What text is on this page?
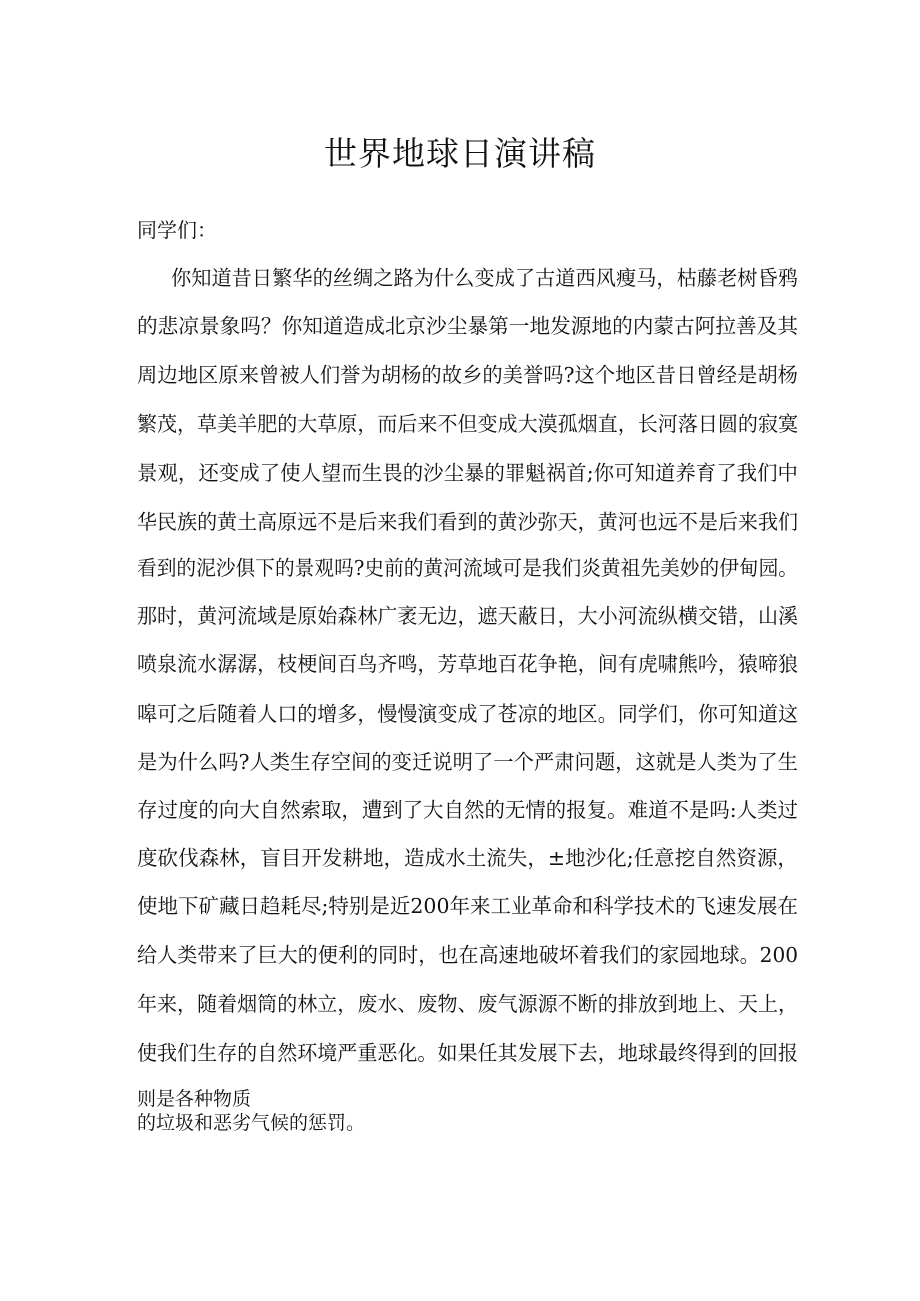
世界地球日演讲稿
同学们：
你知道昔日繁华的丝绸之路为什么变成了古道西风瘦马，枯藤老树昏鸦
的悲凉景象吗？你知道造成北京沙尘暴第一地发源地的内蒙古阿拉善及其
周边地区原来曾被人们誉为胡杨的故乡的美誉吗?这个地区昔日曾经是胡杨
繁茂，草美羊肥的大草原，而后来不但变成大漠孤烟直，长河落日圆的寂寞
景观，还变成了使人望而生畏的沙尘暴的罪魁祸首;你可知道养育了我们中
华民族的黄土高原远不是后来我们看到的黄沙弥天，黄河也远不是后来我们
看到的泥沙俱下的景观吗?史前的黄河流域可是我们炎黄祖先美妙的伊甸园。
那时，黄河流域是原始森林广袤无边，遮天蔽日，大小河流纵横交错，山溪
喷泉流水潺潺，枝梗间百鸟齐鸣，芳草地百花争艳，间有虎啸熊吟，猿啼狼
嗥可之后随着人口的增多，慢慢演变成了苍凉的地区。同学们，你可知道这
是为什么吗?人类生存空间的变迁说明了一个严肃问题，这就是人类为了生
存过度的向大自然索取，遭到了大自然的无情的报复。难道不是吗:人类过
度砍伐森林，盲目开发耕地，造成水土流失，±地沙化;任意挖自然资源，
使地下矿藏日趋耗尽;特别是近200年来工业革命和科学技术的飞速发展在
给人类带来了巨大的便利的同时，也在高速地破坏着我们的家园地球。200
年来，随着烟筒的林立，废水、废物、废气源源不断的排放到地上、天上，
使我们生存的自然环境严重恶化。如果任其发展下去，地球最终得到的回报
则是各种物质
的垃圾和恶劣气候的惩罚。
